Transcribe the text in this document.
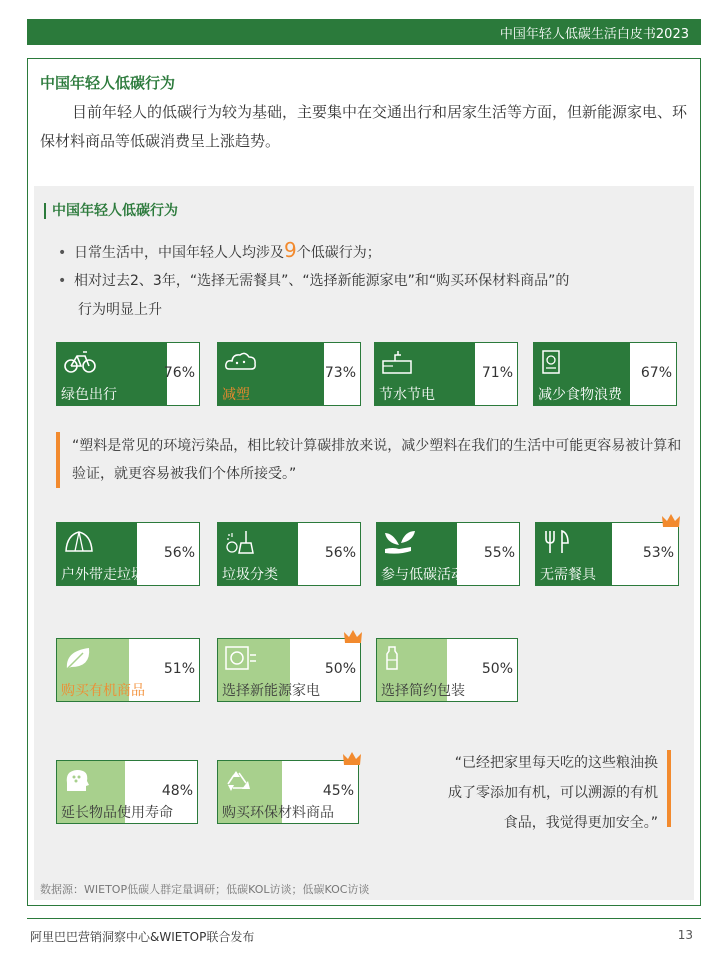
中国年轻人低碳生活白皮书2023
中国年轻人低碳行为
目前年轻人的低碳行为较为基础，主要集中在交通出行和居家生活等方面，但新能源家电、环保材料商品等低碳消费呈上涨趋势。
中国年轻人低碳行为
• 日常生活中，中国年轻人人均涉及9个低碳行为；
• 相对过去2、3年，“选择无需餐具”、“选择新能源家电”和“购买环保材料商品”的
行为明显上升
绿色出行
76%
减塑
73%
节水节电
71%
减少食物浪费
67%
“塑料是常见的环境污染品，相比较计算碳排放来说，减少塑料在我们的生活中可能更容易被计算和验证，就更容易被我们个体所接受。”
户外带走垃圾
56%
垃圾分类
56%
参与低碳活动
55%
无需餐具
53%
购买有机商品
51%
选择新能源家电
50%
选择简约包装
50%
延长物品使用寿命
48%
购买环保材料商品
45%
“已经把家里每天吃的这些粮油换
成了零添加有机，可以溯源的有机
食品，我觉得更加安全。”
数据源：WIETOP低碳人群定量调研；低碳KOL访谈；低碳KOC访谈
阿里巴巴营销洞察中心&WIETOP联合发布	13
